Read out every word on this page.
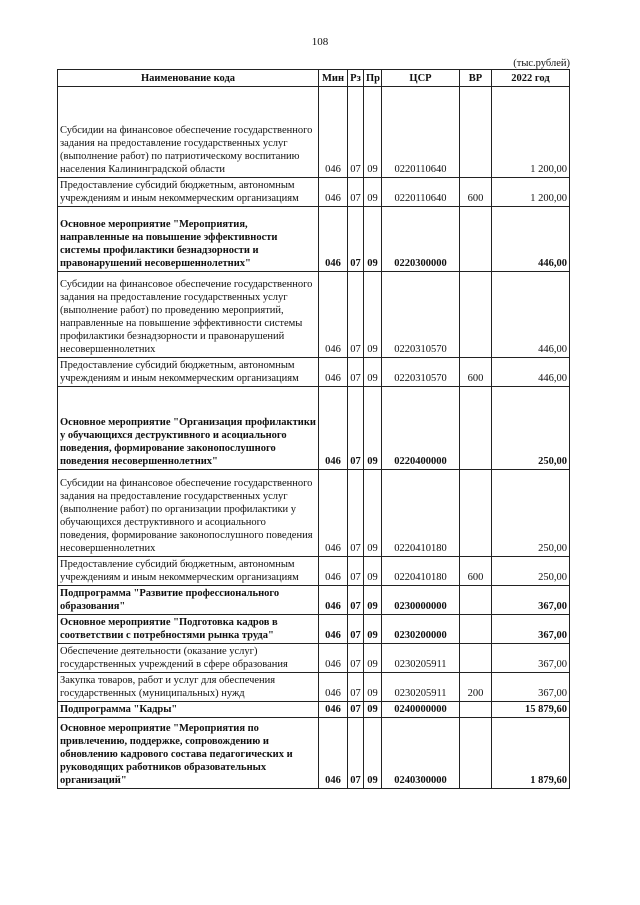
108
(тыс.рублей)
Наименование кода	Мин	Рз	Пр	ЦСР	ВР	2022 год
Субсидии на финансовое обеспечение государственного задания на предоставление государственных услуг (выполнение работ) по патриотическому воспитанию населения Калининградской области	046	07	09	0220110640		1 200,00
Предоставление субсидий бюджетным, автономным учреждениям и иным некоммерческим организациям	046	07	09	0220110640	600	1 200,00
Основное мероприятие "Мероприятия, направленные на повышение эффективности системы профилактики безнадзорности и правонарушений несовершеннолетних"	046	07	09	0220300000		446,00
Субсидии на финансовое обеспечение государственного задания на предоставление государственных услуг (выполнение работ) по проведению мероприятий, направленные на повышение эффективности системы профилактики безнадзорности и правонарушений несовершеннолетних	046	07	09	0220310570		446,00
Предоставление субсидий бюджетным, автономным учреждениям и иным некоммерческим организациям	046	07	09	0220310570	600	446,00
Основное мероприятие "Организация профилактики у обучающихся деструктивного и асоциального поведения, формирование законопослушного поведения несовершеннолетних"	046	07	09	0220400000		250,00
Субсидии на финансовое обеспечение государственного задания на предоставление государственных услуг (выполнение работ) по организации профилактики у обучающихся деструктивного и асоциального поведения, формирование законопослушного поведения несовершеннолетних	046	07	09	0220410180		250,00
Предоставление субсидий бюджетным, автономным учреждениям и иным некоммерческим организациям	046	07	09	0220410180	600	250,00
Подпрограмма "Развитие профессионального образования"	046	07	09	0230000000		367,00
Основное мероприятие "Подготовка кадров в соответствии с потребностями рынка труда"	046	07	09	0230200000		367,00
Обеспечение деятельности (оказание услуг) государственных учреждений в сфере образования	046	07	09	0230205911		367,00
Закупка товаров, работ и услуг для обеспечения государственных (муниципальных) нужд	046	07	09	0230205911	200	367,00
Подпрограмма "Кадры"	046	07	09	0240000000		15 879,60
Основное мероприятие "Мероприятия по привлечению, поддержке, сопровождению и обновлению кадрового состава педагогических и руководящих работников образовательных организаций"	046	07	09	0240300000		1 879,60
